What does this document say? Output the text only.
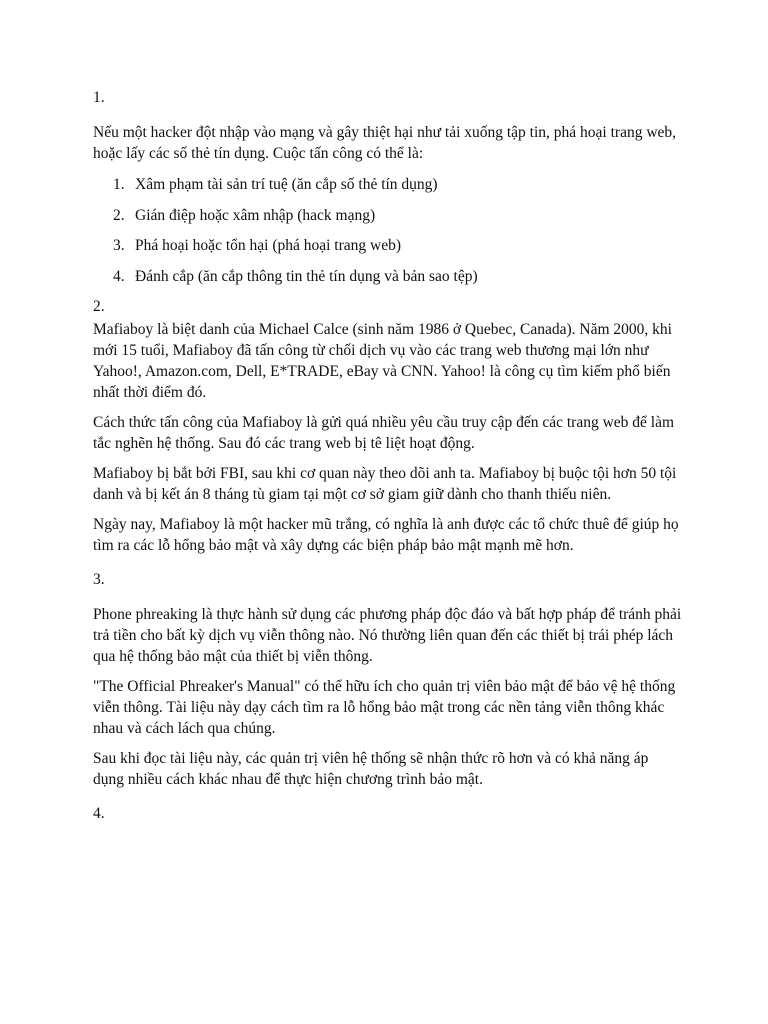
1.

Nếu một hacker đột nhập vào mạng và gây thiệt hại như tải xuống tập tin, phá hoại trang web, hoặc lấy các số thẻ tín dụng. Cuộc tấn công có thể là:

1. Xâm phạm tài sản trí tuệ (ăn cắp số thẻ tín dụng)
2. Gián điệp hoặc xâm nhập (hack mạng)
3. Phá hoại hoặc tổn hại (phá hoại trang web)
4. Đánh cắp (ăn cắp thông tin thẻ tín dụng và bản sao tệp)

2.

Mafiaboy là biệt danh của Michael Calce (sinh năm 1986 ở Quebec, Canada). Năm 2000, khi mới 15 tuổi, Mafiaboy đã tấn công từ chối dịch vụ vào các trang web thương mại lớn như Yahoo!, Amazon.com, Dell, E*TRADE, eBay và CNN. Yahoo! là công cụ tìm kiếm phổ biến nhất thời điểm đó.

Cách thức tấn công của Mafiaboy là gửi quá nhiều yêu cầu truy cập đến các trang web để làm tắc nghẽn hệ thống. Sau đó các trang web bị tê liệt hoạt động.

Mafiaboy bị bắt bởi FBI, sau khi cơ quan này theo dõi anh ta. Mafiaboy bị buộc tội hơn 50 tội danh và bị kết án 8 tháng tù giam tại một cơ sở giam giữ dành cho thanh thiếu niên.

Ngày nay, Mafiaboy là một hacker mũ trắng, có nghĩa là anh được các tổ chức thuê để giúp họ tìm ra các lỗ hổng bảo mật và xây dựng các biện pháp bảo mật mạnh mẽ hơn.

3.

Phone phreaking là thực hành sử dụng các phương pháp độc đáo và bất hợp pháp để tránh phải trả tiền cho bất kỳ dịch vụ viễn thông nào. Nó thường liên quan đến các thiết bị trái phép lách qua hệ thống bảo mật của thiết bị viễn thông.

"The Official Phreaker's Manual" có thể hữu ích cho quản trị viên bảo mật để bảo vệ hệ thống viễn thông. Tài liệu này dạy cách tìm ra lỗ hổng bảo mật trong các nền tảng viễn thông khác nhau và cách lách qua chúng.

Sau khi đọc tài liệu này, các quản trị viên hệ thống sẽ nhận thức rõ hơn và có khả năng áp dụng nhiều cách khác nhau để thực hiện chương trình bảo mật.

4.
